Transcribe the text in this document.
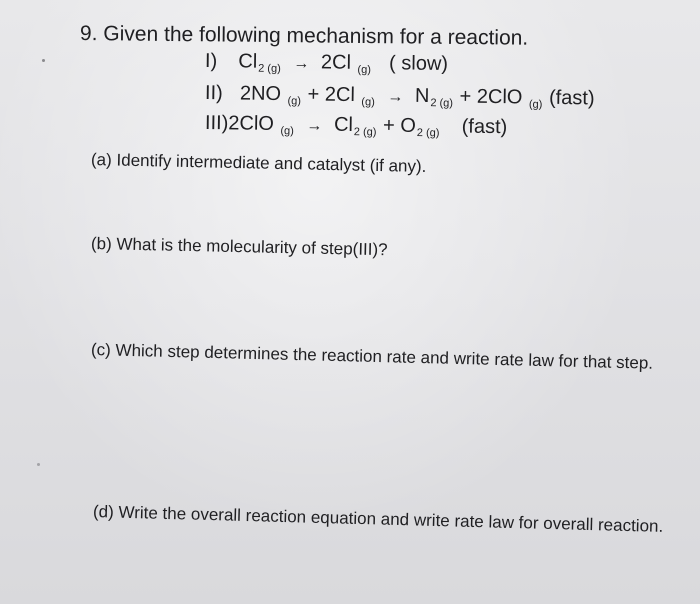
9. Given the following mechanism for a reaction.
I) $Cl_{2 (g)} \to 2Cl$ $_{(g)}$ ( slow)
II) 2NO $_{(g)}$ + 2Cl $_{(g)} \to N_{2 (g)} + 2ClO$ $_{(g)}$ (fast)
III)2ClO $_{(g)} \to Cl_{2 (g)} + O_{2 (g)}$ (fast)
(a) Identify intermediate and catalyst (if any).
(b) What is the molecularity of step(III)?
(c) Which step determines the reaction rate and write rate law for that step.
(d) Write the overall reaction equation and write rate law for overall reaction.
